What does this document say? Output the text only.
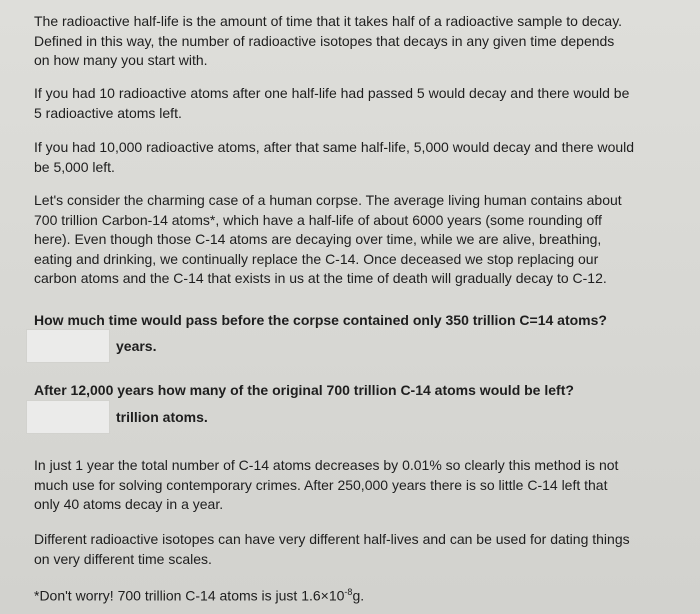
The radioactive half-life is the amount of time that it takes half of a radioactive sample to decay.
Defined in this way, the number of radioactive isotopes that decays in any given time depends
on how many you start with.
If you had 10 radioactive atoms after one half-life had passed 5 would decay and there would be
5 radioactive atoms left.
If you had 10,000 radioactive atoms, after that same half-life, 5,000 would decay and there would
be 5,000 left.
Let's consider the charming case of a human corpse. The average living human contains about
700 trillion Carbon-14 atoms*, which have a half-life of about 6000 years (some rounding off
here). Even though those C-14 atoms are decaying over time, while we are alive, breathing,
eating and drinking, we continually replace the C-14. Once deceased we stop replacing our
carbon atoms and the C-14 that exists in us at the time of death will gradually decay to C-12.
How much time would pass before the corpse contained only 350 trillion C=14 atoms?
years.
After 12,000 years how many of the original 700 trillion C-14 atoms would be left?
trillion atoms.
In just 1 year the total number of C-14 atoms decreases by 0.01% so clearly this method is not
much use for solving contemporary crimes. After 250,000 years there is so little C-14 left that
only 40 atoms decay in a year.
Different radioactive isotopes can have very different half-lives and can be used for dating things
on very different time scales.
*Don't worry! 700 trillion C-14 atoms is just $1.6\times 10^{-8}g$.
